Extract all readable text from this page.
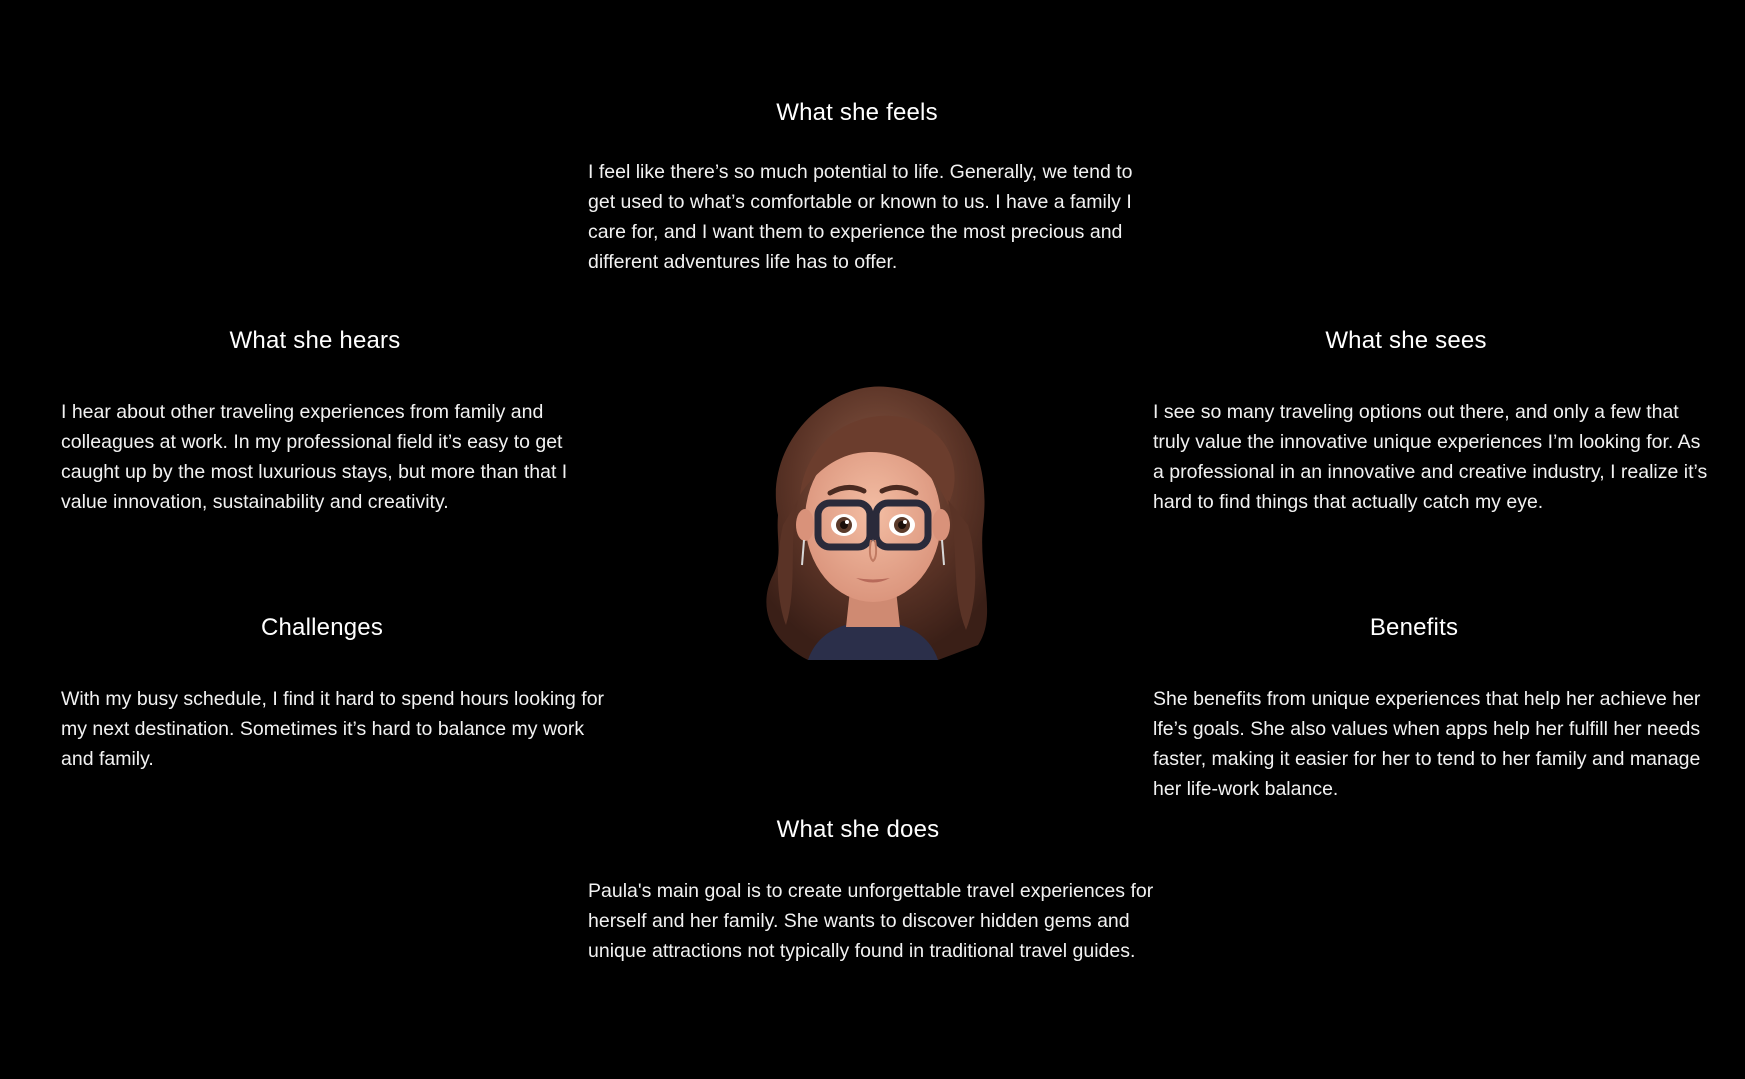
What she feels

I feel like there’s so much potential to life. Generally, we tend to get used to what’s comfortable or known to us. I have a family I care for, and I want them to experience the most precious and different adventures life has to offer.

What she hears

I hear about other traveling experiences from family and colleagues at work. In my professional field it’s easy to get caught up by the most luxurious stays, but more than that I value innovation, sustainability and creativity.

What she sees

I see so many traveling options out there, and only a few that truly value the innovative unique experiences I’m looking for. As a professional in an innovative and creative industry, I realize it’s hard to find things that actually catch my eye.

Challenges

With my busy schedule, I find it hard to spend hours looking for my next destination. Sometimes it’s hard to balance my work and family.

Benefits

She benefits from unique experiences that help her achieve her lfe’s goals. She also values when apps help her fulfill her needs faster, making it easier for her to tend to her family and manage her life-work balance.

What she does

Paula's main goal is to create unforgettable travel experiences for herself and her family. She wants to discover hidden gems and unique attractions not typically found in traditional travel guides.
